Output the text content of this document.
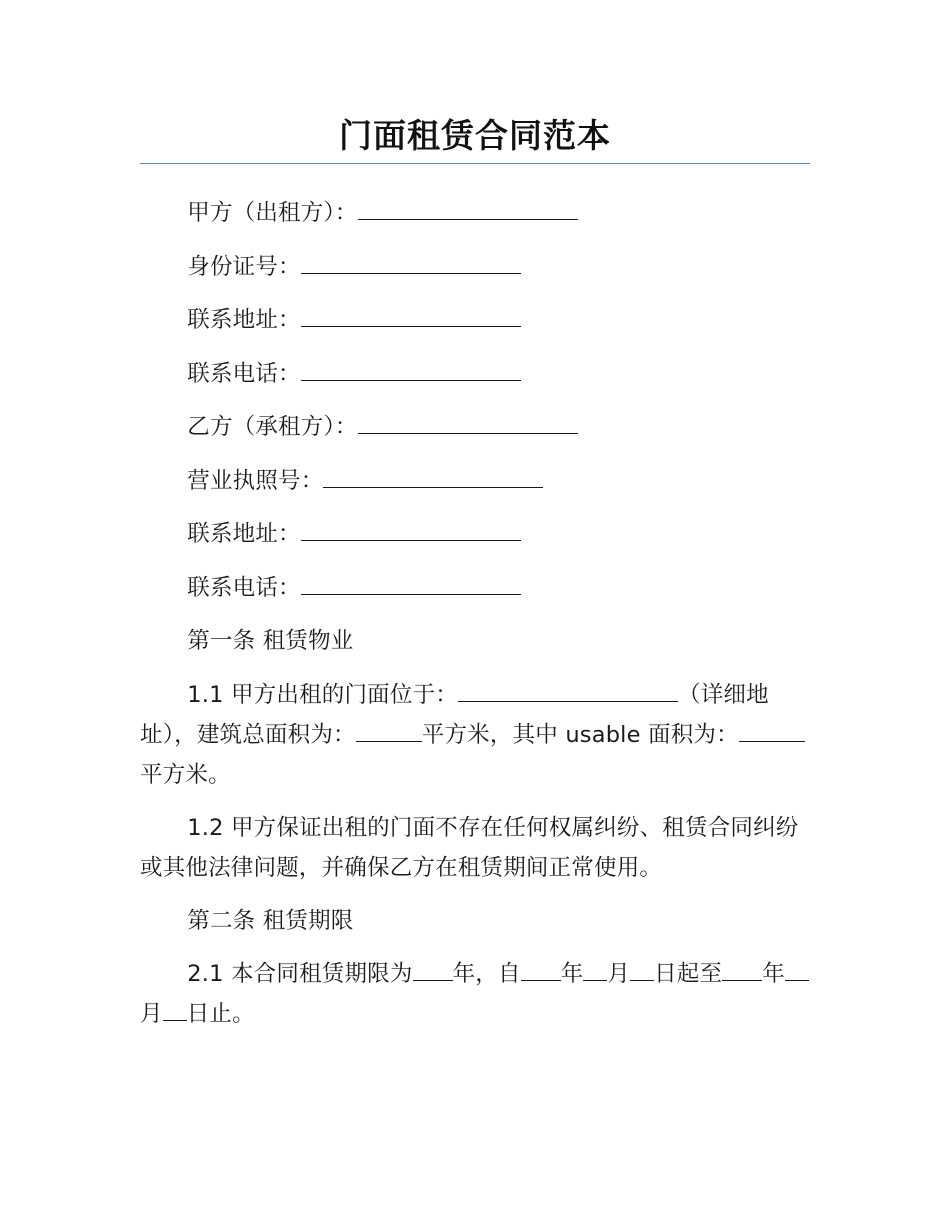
门面租赁合同范本

甲方（出租方）：

身份证号：

联系地址：

联系电话：

乙方（承租方）：

营业执照号：

联系地址：

联系电话：

第一条 租赁物业

1.1 甲方出租的门面位于：	（详细地址），建筑总面积为：	平方米，其中 usable 面积为：平方米。

1.2 甲方保证出租的门面不存在任何权属纠纷、租赁合同纠纷或其他法律问题，并确保乙方在租赁期间正常使用。

第二条 租赁期限

2.1 本合同租赁期限为 年，自 年 月 日起至 年月 日止。
